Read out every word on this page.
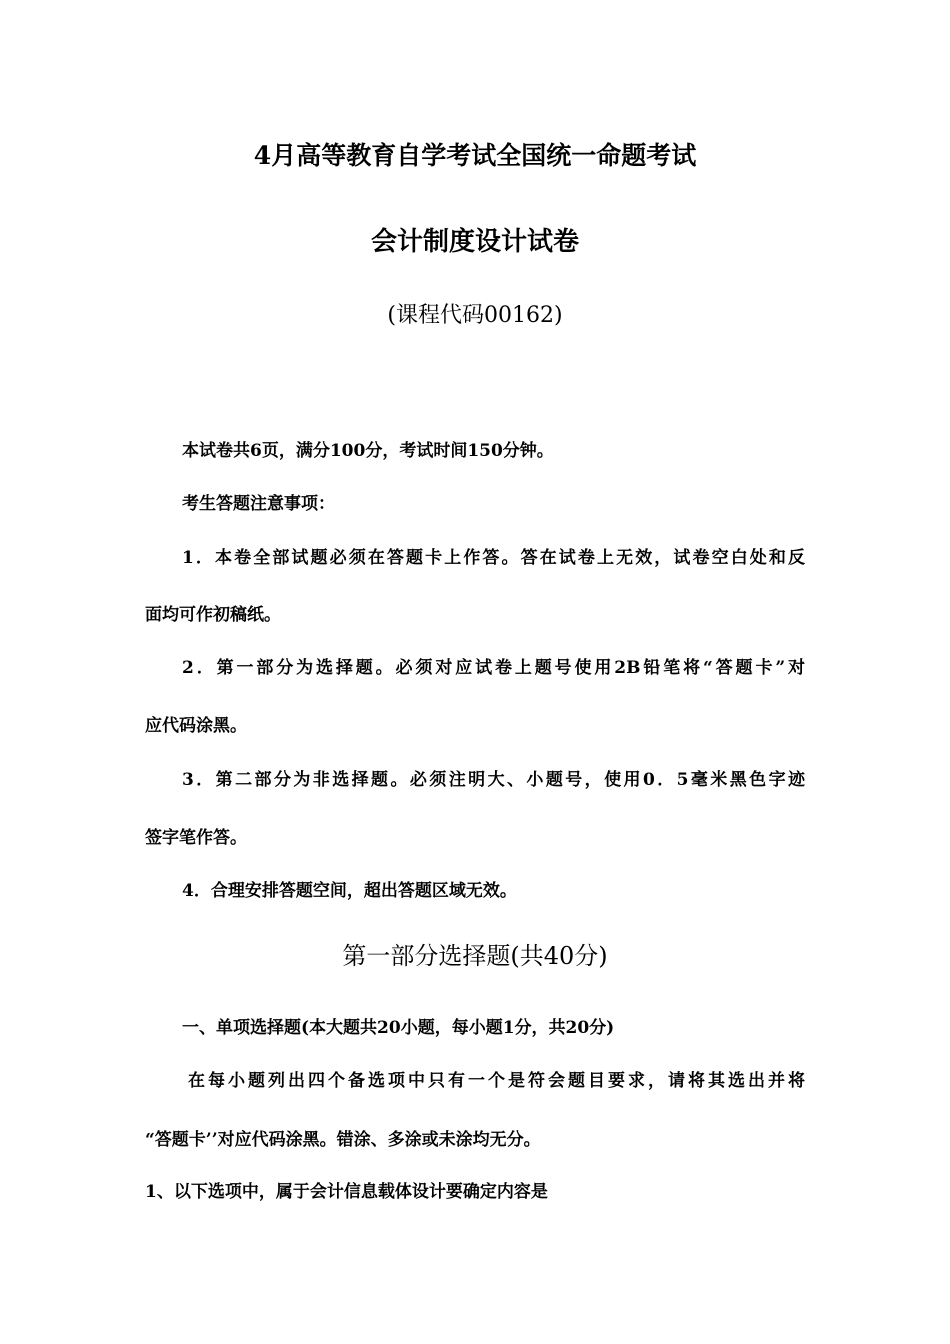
4月高等教育自学考试全国统一命题考试
会计制度设计试卷
(课程代码00162)
本试卷共6页，满分100分，考试时间150分钟。
考生答题注意事项：
1．本卷全部试题必须在答题卡上作答。答在试卷上无效，试卷空白处和反
面均可作初稿纸。
2．第一部分为选择题。必须对应试卷上题号使用2B铅笔将“答题卡”对
应代码涂黑。
3．第二部分为非选择题。必须注明大、小题号，使用0．5毫米黑色字迹
签字笔作答。
4．合理安排答题空间，超出答题区域无效。
第一部分选择题(共40分)
一、单项选择题(本大题共20小题，每小题1分，共20分)
在每小题列出四个备选项中只有一个是符会题目要求，请将其选出并将
“答题卡’’对应代码涂黑。错涂、多涂或未涂均无分。
1、以下选项中，属于会计信息载体设计要确定内容是
